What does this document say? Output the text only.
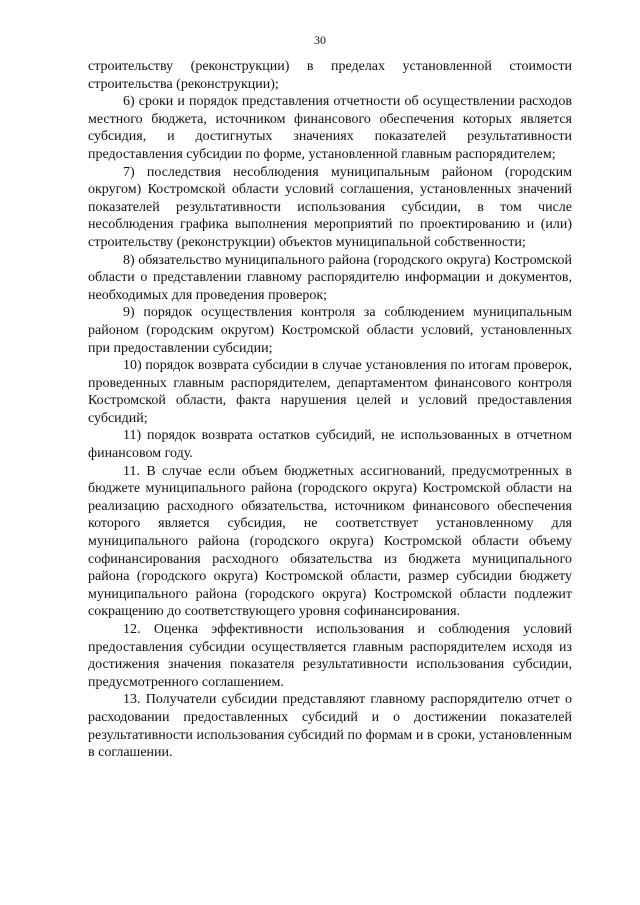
30

строительству (реконструкции) в пределах установленной стоимости строительства (реконструкции);

6) сроки и порядок представления отчетности об осуществлении расходов местного бюджета, источником финансового обеспечения которых является субсидия, и достигнутых значениях показателей результативности предоставления субсидии по форме, установленной главным распорядителем;

7) последствия несоблюдения муниципальным районом (городским округом) Костромской области условий соглашения, установленных значений показателей результативности использования субсидии, в том числе несоблюдения графика выполнения мероприятий по проектированию и (или) строительству (реконструкции) объектов муниципальной собственности;

8) обязательство муниципального района (городского округа) Костромской области о представлении главному распорядителю информации и документов, необходимых для проведения проверок;

9) порядок осуществления контроля за соблюдением муниципальным районом (городским округом) Костромской области условий, установленных при предоставлении субсидии;

10) порядок возврата субсидии в случае установления по итогам проверок, проведенных главным распорядителем, департаментом финансового контроля Костромской области, факта нарушения целей и условий предоставления субсидий;

11) порядок возврата остатков субсидий, не использованных в отчетном финансовом году.

11. В случае если объем бюджетных ассигнований, предусмотренных в бюджете муниципального района (городского округа) Костромской области на реализацию расходного обязательства, источником финансового обеспечения которого является субсидия, не соответствует установленному для муниципального района (городского округа) Костромской области объему софинансирования расходного обязательства из бюджета муниципального района (городского округа) Костромской области, размер субсидии бюджету муниципального района (городского округа) Костромской области подлежит сокращению до соответствующего уровня софинансирования.

12. Оценка эффективности использования и соблюдения условий предоставления субсидии осуществляется главным распорядителем исходя из достижения значения показателя результативности использования субсидии, предусмотренного соглашением.

13. Получатели субсидии представляют главному распорядителю отчет о расходовании предоставленных субсидий и о достижении показателей результативности использования субсидий по формам и в сроки, установленным в соглашении.
